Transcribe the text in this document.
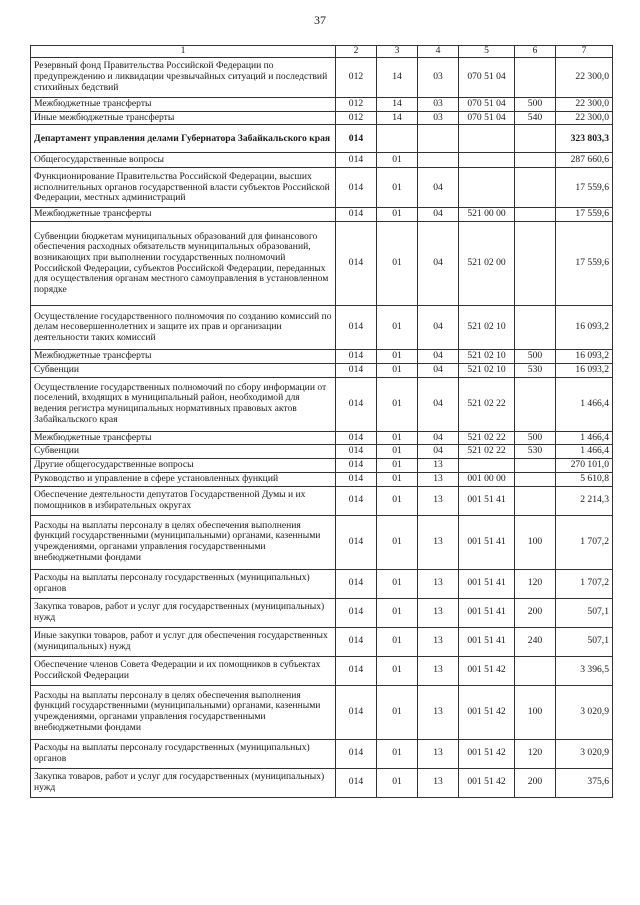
37
1	2	3	4	5	6	7
Резервный фонд Правительства Российской Федерации по предупреждению и ликвидации чрезвычайных ситуаций и последствий стихийных бедствий	012	14	03	070 51 04		22 300,0
Межбюджетные трансферты	012	14	03	070 51 04	500	22 300,0
Иные межбюджетные трансферты	012	14	03	070 51 04	540	22 300,0
Департамент управления делами Губернатора Забайкальского края	014					323 803,3
Общегосударственные вопросы	014	01				287 660,6
Функционирование Правительства Российской Федерации, высших исполнительных органов государственной власти субъектов Российской Федерации, местных администраций	014	01	04			17 559,6
Межбюджетные трансферты	014	01	04	521 00 00		17 559,6
Субвенции бюджетам муниципальных образований для финансового обеспечения расходных обязательств муниципальных образований, возникающих при выполнении государственных полномочий Российской Федерации, субъектов Российской Федерации, переданных для осуществления органам местного самоуправления в установленном порядке	014	01	04	521 02 00		17 559,6
Осуществление государственного полномочия по созданию комиссий по делам несовершеннолетних и защите их прав и организации деятельности таких комиссий	014	01	04	521 02 10		16 093,2
Межбюджетные трансферты	014	01	04	521 02 10	500	16 093,2
Субвенции	014	01	04	521 02 10	530	16 093,2
Осуществление государственных полномочий по сбору информации от поселений, входящих в муниципальный район, необходимой для ведения регистра муниципальных нормативных правовых актов Забайкальского края	014	01	04	521 02 22		1 466,4
Межбюджетные трансферты	014	01	04	521 02 22	500	1 466,4
Субвенции	014	01	04	521 02 22	530	1 466,4
Другие общегосударственные вопросы	014	01	13			270 101,0
Руководство и управление в сфере установленных функций	014	01	13	001 00 00		5 610,8
Обеспечение деятельности депутатов Государственной Думы и их помощников в избирательных округах	014	01	13	001 51 41		2 214,3
Расходы на выплаты персоналу в целях обеспечения выполнения функций государственными (муниципальными) органами, казенными учреждениями, органами управления государственными внебюджетными фондами	014	01	13	001 51 41	100	1 707,2
Расходы на выплаты персоналу государственных (муниципальных) органов	014	01	13	001 51 41	120	1 707,2
Закупка товаров, работ и услуг для государственных (муниципальных) нужд	014	01	13	001 51 41	200	507,1
Иные закупки товаров, работ и услуг для обеспечения государственных (муниципальных) нужд	014	01	13	001 51 41	240	507,1
Обеспечение членов Совета Федерации и их помощников в субъектах Российской Федерации	014	01	13	001 51 42		3 396,5
Расходы на выплаты персоналу в целях обеспечения выполнения функций государственными (муниципальными) органами, казенными учреждениями, органами управления государственными внебюджетными фондами	014	01	13	001 51 42	100	3 020,9
Расходы на выплаты персоналу государственных (муниципальных) органов	014	01	13	001 51 42	120	3 020,9
Закупка товаров, работ и услуг для государственных (муниципальных) нужд	014	01	13	001 51 42	200	375,6
